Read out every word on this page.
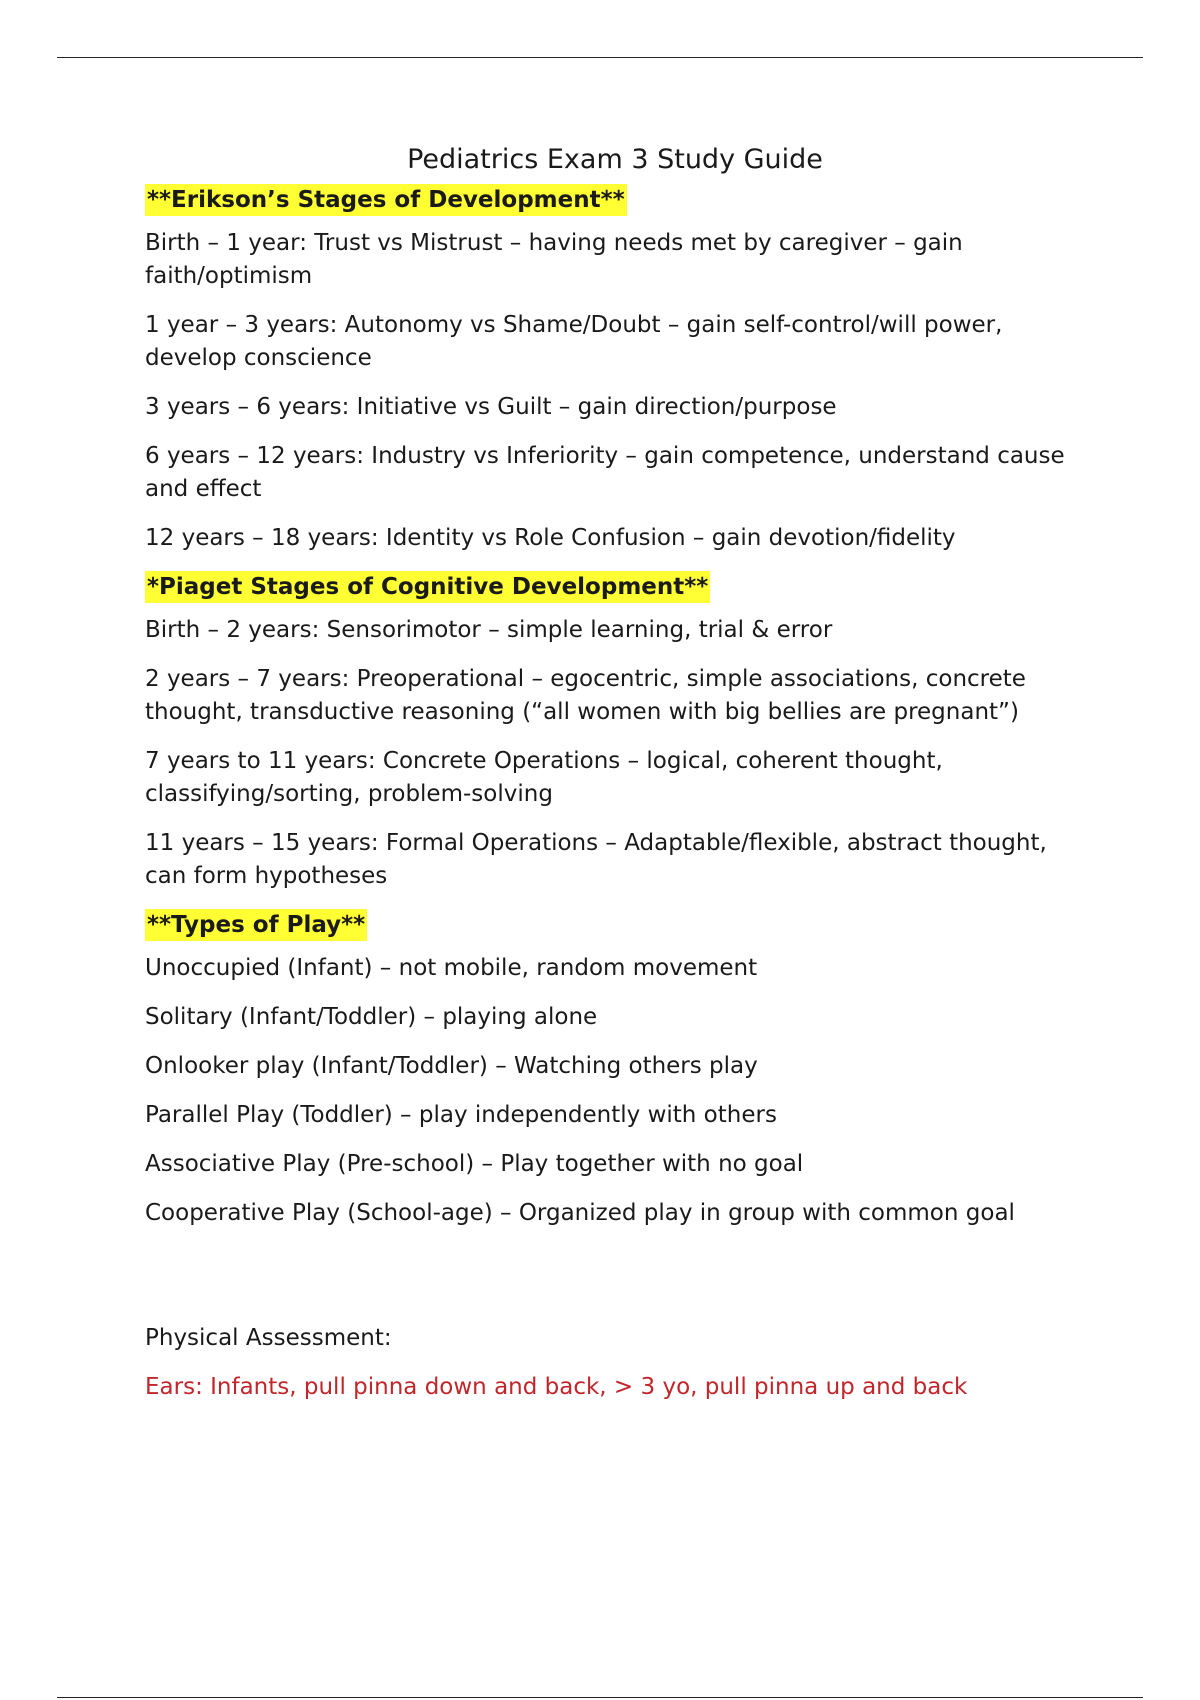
Pediatrics Exam 3 Study Guide
**Erikson’s Stages of Development**

Birth – 1 year: Trust vs Mistrust – having needs met by caregiver – gain faith/optimism

1 year – 3 years: Autonomy vs Shame/Doubt – gain self-control/will power, develop conscience

3 years – 6 years: Initiative vs Guilt – gain direction/purpose

6 years – 12 years: Industry vs Inferiority – gain competence, understand cause and effect

12 years – 18 years: Identity vs Role Confusion – gain devotion/fidelity

*Piaget Stages of Cognitive Development**

Birth – 2 years: Sensorimotor – simple learning, trial & error

2 years – 7 years: Preoperational – egocentric, simple associations, concrete thought, transductive reasoning (“all women with big bellies are pregnant”)

7 years to 11 years: Concrete Operations – logical, coherent thought, classifying/sorting, problem-solving

11 years – 15 years: Formal Operations – Adaptable/flexible, abstract thought, can form hypotheses

**Types of Play**

Unoccupied (Infant) – not mobile, random movement

Solitary (Infant/Toddler) – playing alone

Onlooker play (Infant/Toddler) – Watching others play

Parallel Play (Toddler) – play independently with others

Associative Play (Pre-school) – Play together with no goal

Cooperative Play (School-age) – Organized play in group with common goal

Physical Assessment:

Ears: Infants, pull pinna down and back, > 3 yo, pull pinna up and back
